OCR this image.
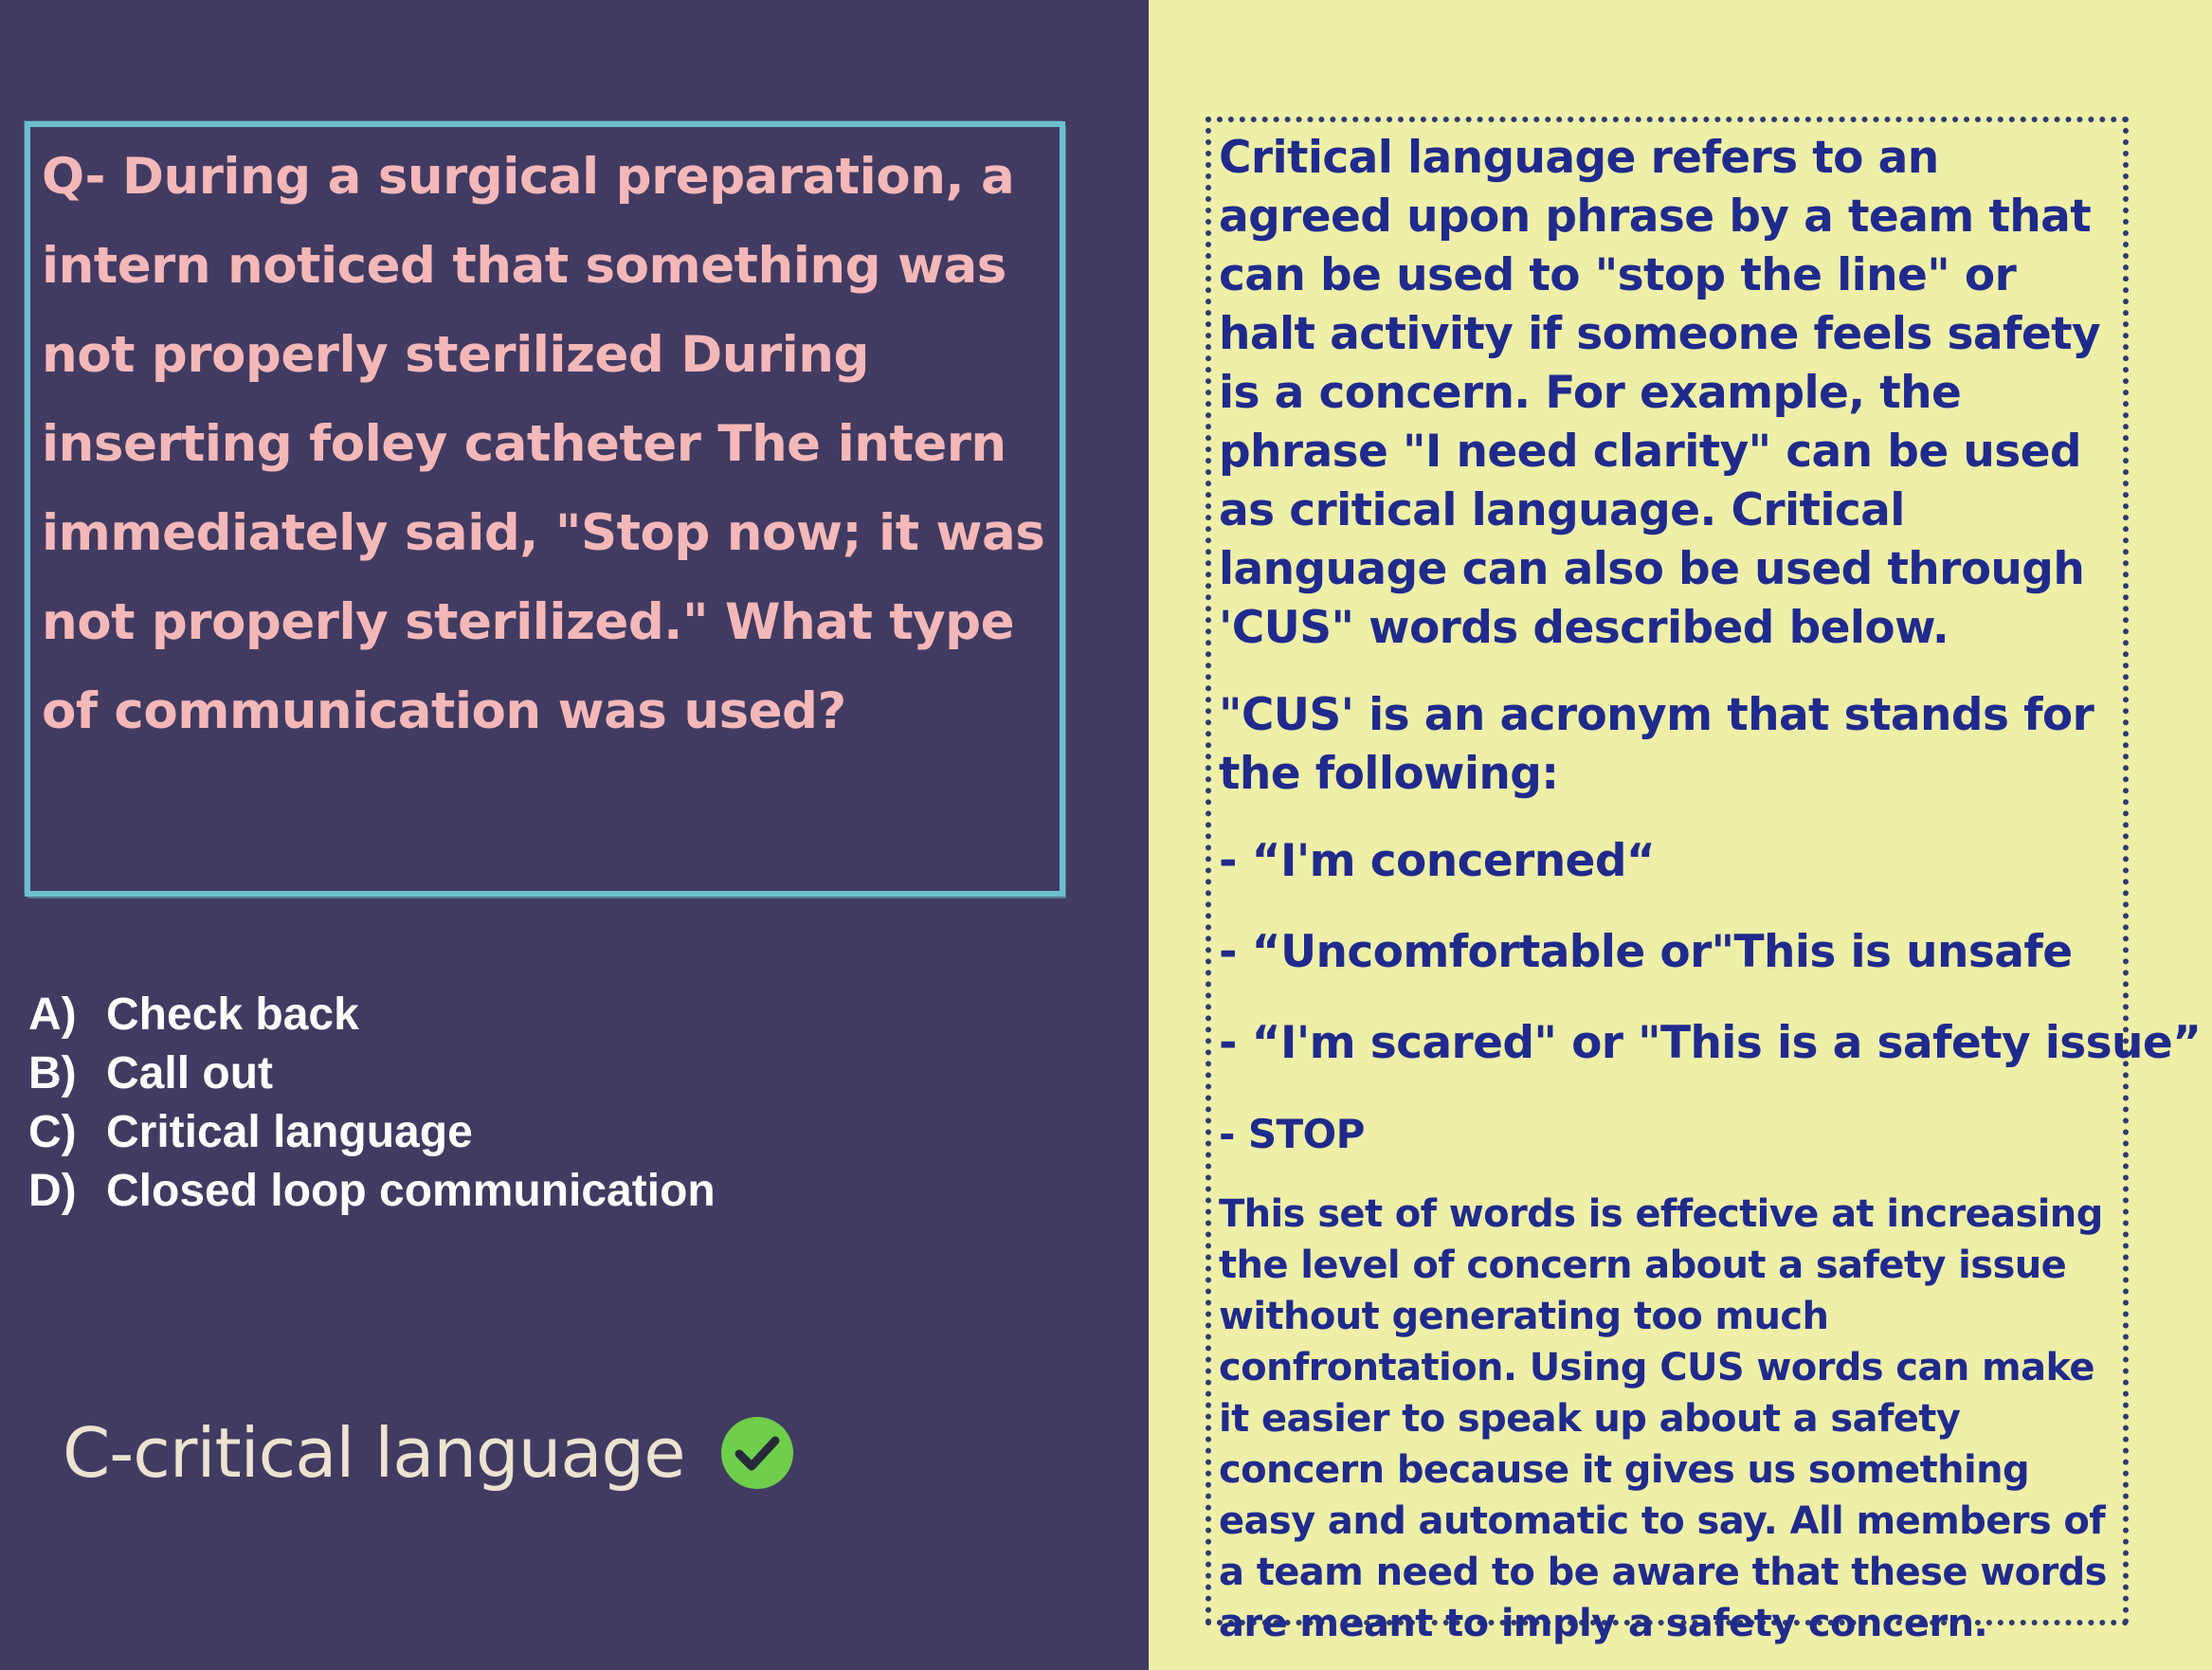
Q- During a surgical preparation, a intern noticed that something was not properly sterilized During inserting foley catheter The intern immediately said, "Stop now; it was not properly sterilized." What type of communication was used?

A) Check back
B) Call out
C) Critical language
D) Closed loop communication
C-critical language

Critical language refers to an agreed upon phrase by a team that can be used to "stop the line" or halt activity if someone feels safety is a concern. For example, the phrase "I need clarity" can be used as critical language. Critical language can also be used through 'CUS" words described below.

"CUS' is an acronym that stands for the following:

- “I'm concerned“

- “Uncomfortable or"This is unsafe

- “I'm scared" or "This is a safety issue”

- STOP

This set of words is effective at increasing the level of concern about a safety issue without generating too much confrontation. Using CUS words can make it easier to speak up about a safety concern because it gives us something easy and automatic to say. All members of a team need to be aware that these words are meant to imply a safety concern.
